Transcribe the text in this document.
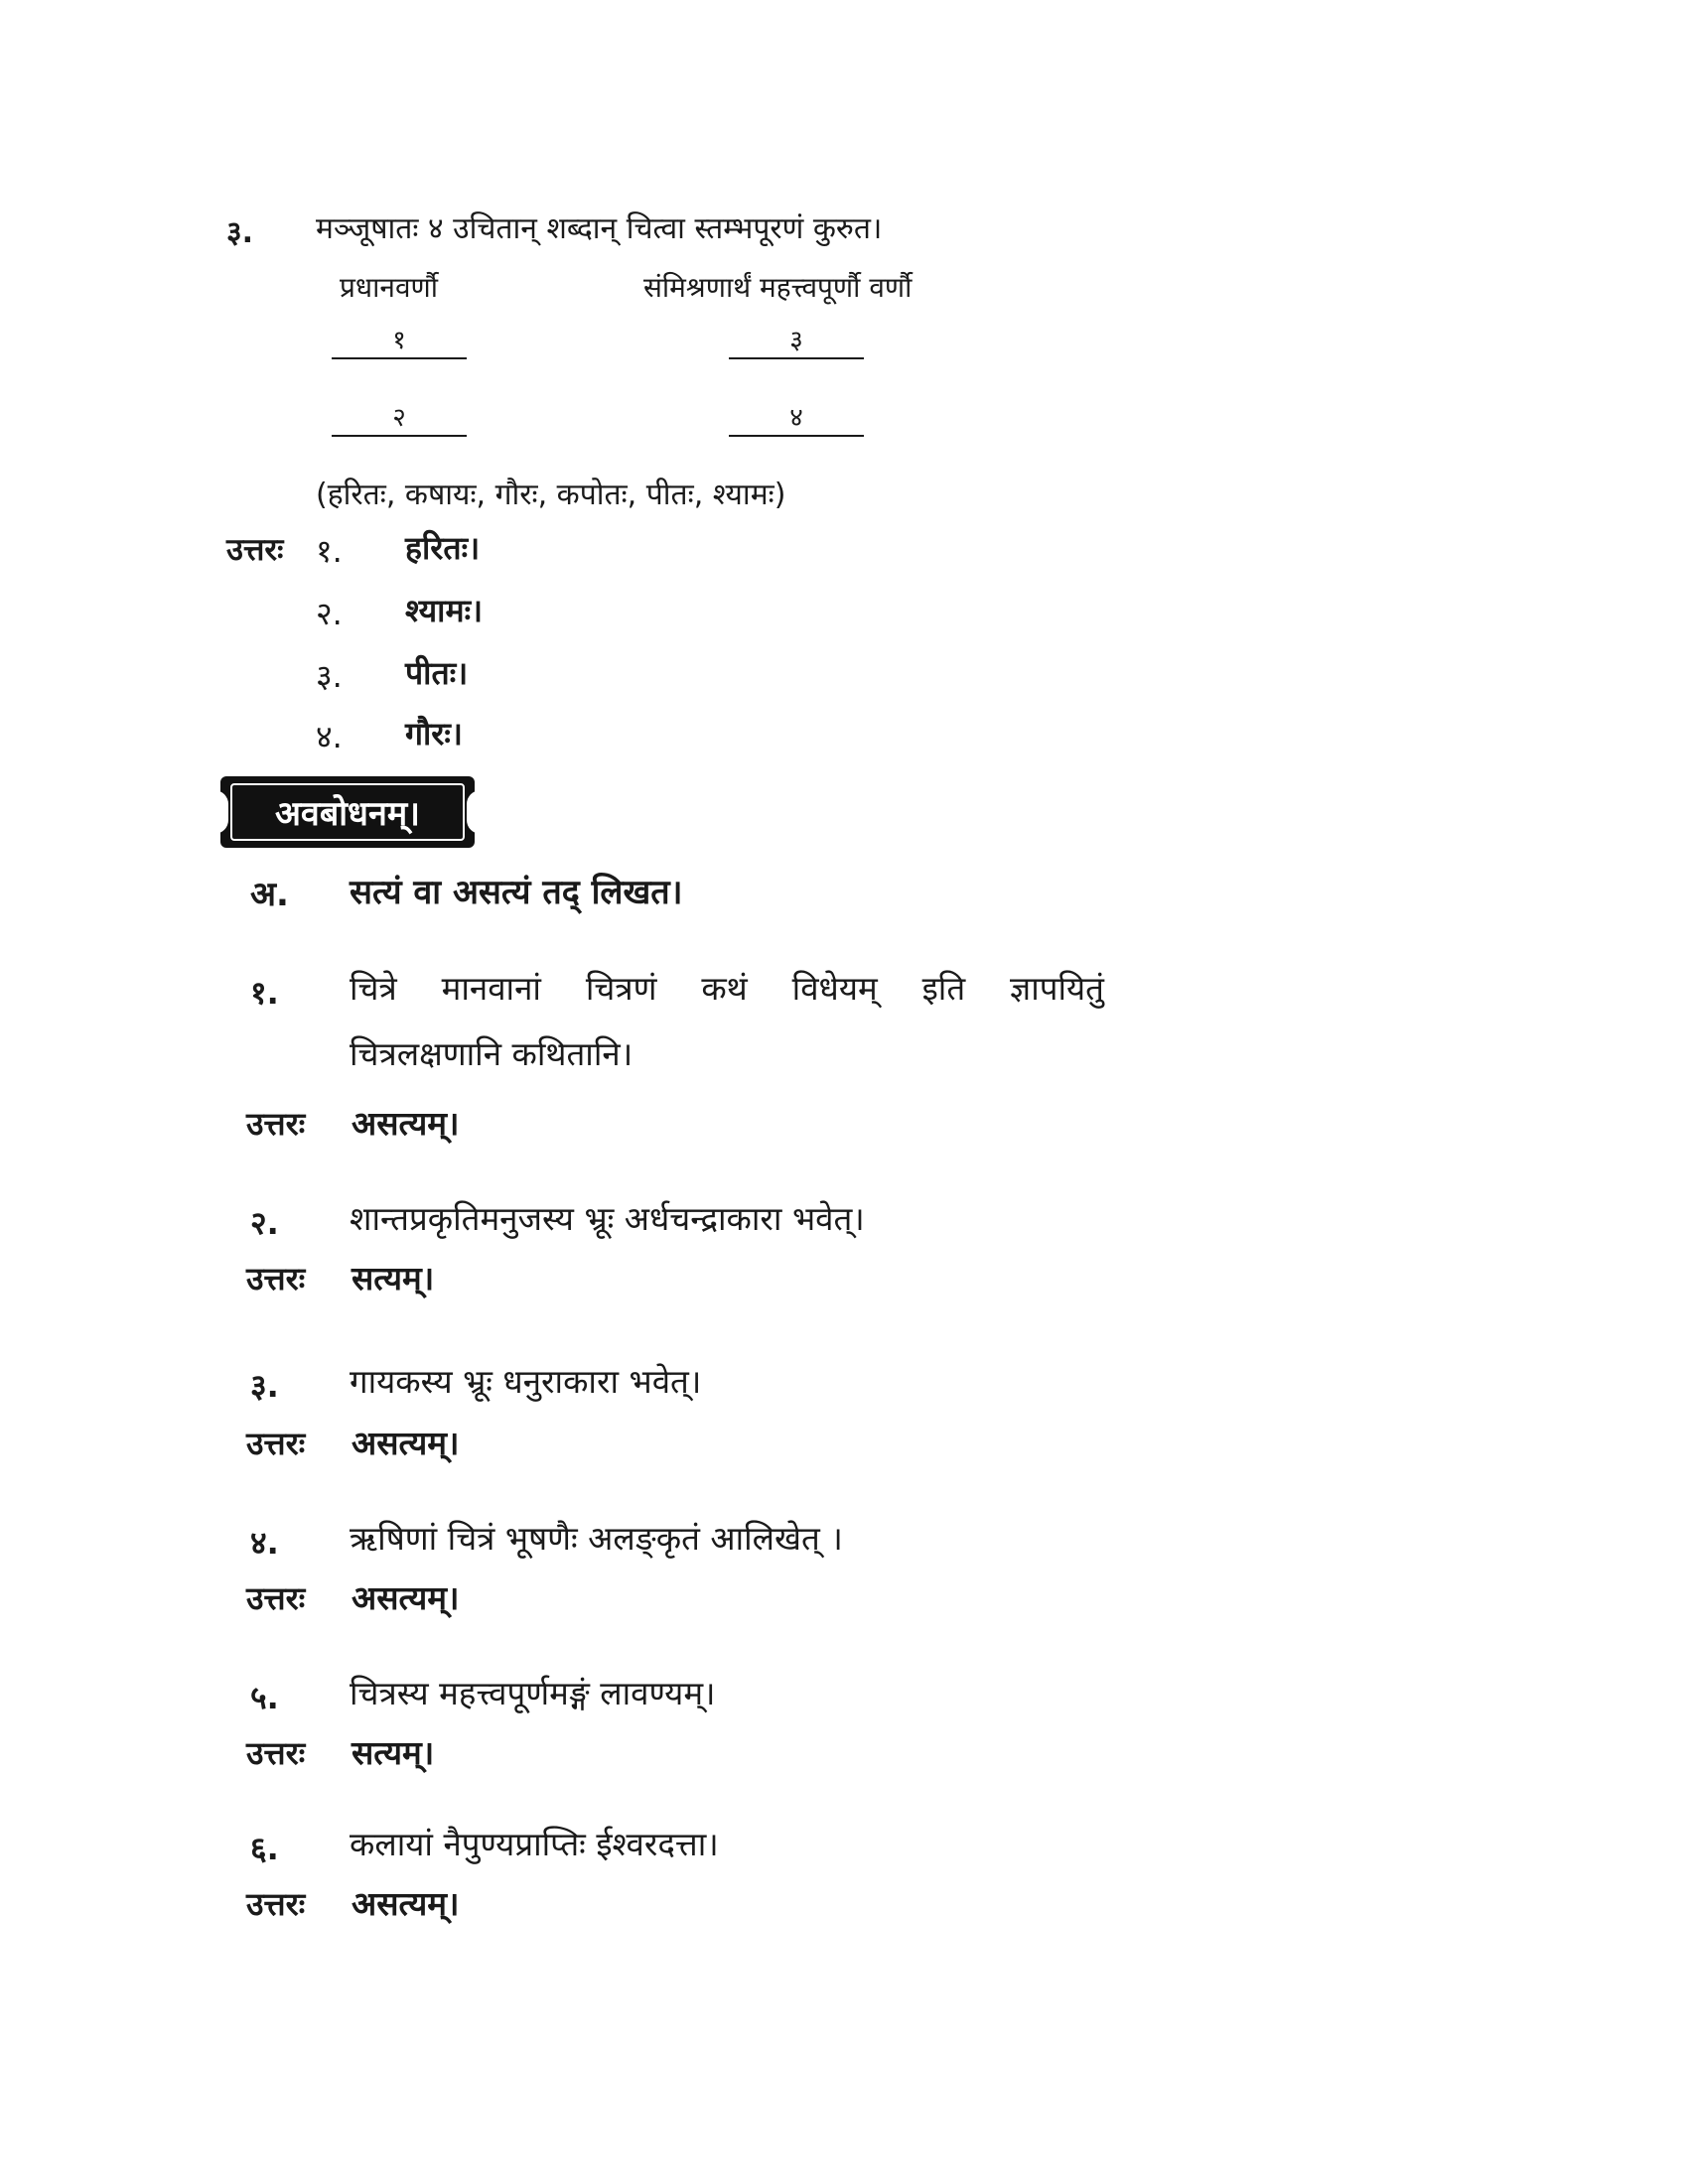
३. मञ्जूषातः ४ उचितान् शब्दान् चित्वा स्तम्भपूरणं कुरुत।
प्रधानवर्णौ	संमिश्रणार्थं महत्त्वपूर्णौ वर्णौ
१	३
२	४
(हरितः, कषायः, गौरः, कपोतः, पीतः, श्यामः)
उत्तरः १. हरितः।
२. श्यामः।
३. पीतः।
४. गौरः।
अवबोधनम्।
अ. सत्यं वा असत्यं तद् लिखत।
१. चित्रे मानवानां चित्रणं कथं विधेयम् इति ज्ञापयितुं
चित्रलक्षणानि कथितानि।
उत्तरः असत्यम्।
२. शान्तप्रकृतिमनुजस्य भ्रूः अर्धचन्द्राकारा भवेत्।
उत्तरः सत्यम्।
३. गायकस्य भ्रूः धनुराकारा भवेत्।
उत्तरः असत्यम्।
४. ऋषिणां चित्रं भूषणैः अलङ्कृतं आलिखेत् ।
उत्तरः असत्यम्।
५. चित्रस्य महत्त्वपूर्णमङ्गं लावण्यम्।
उत्तरः सत्यम्।
६. कलायां नैपुण्यप्राप्तिः ईश्वरदत्ता।
उत्तरः असत्यम्।
